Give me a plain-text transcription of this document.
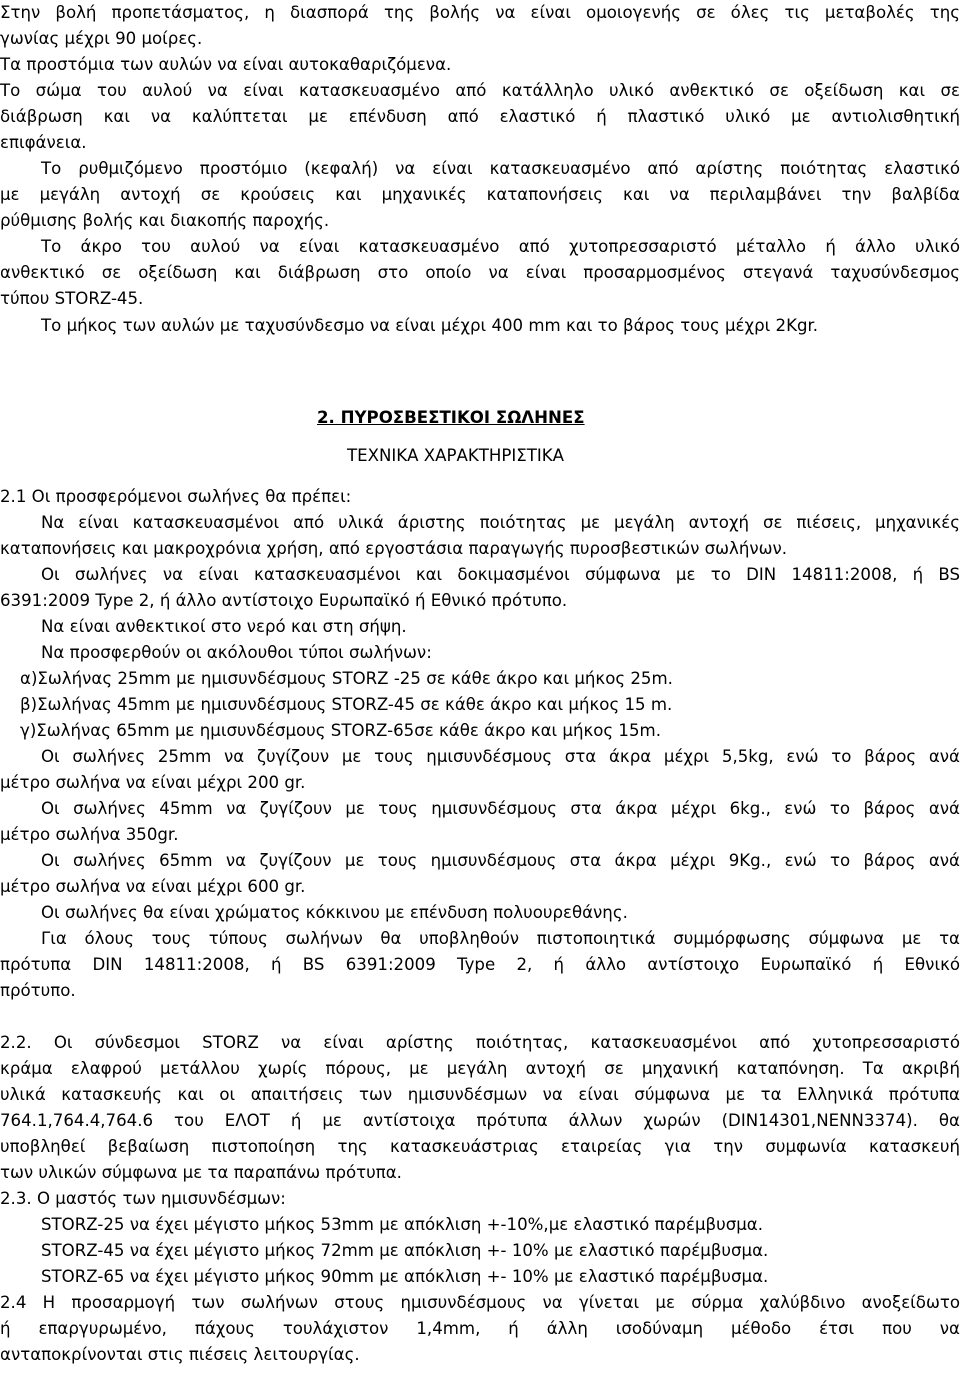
Στην βολή προπετάσματος, η διασπορά της βολής να είναι ομοιογενής σε όλες τις μεταβολές της

γωνίας μέχρι 90 μοίρες.

Τα προστόμια των αυλών να είναι αυτοκαθαριζόμενα.

Το σώμα του αυλού να είναι κατασκευασμένο από κατάλληλο υλικό ανθεκτικό σε οξείδωση και σε

διάβρωση και να καλύπτεται με επένδυση από ελαστικό ή πλαστικό υλικό με αντιολισθητική

επιφάνεια.

Το ρυθμιζόμενο προστόμιο (κεφαλή) να είναι κατασκευασμένο από αρίστης ποιότητας ελαστικό

με μεγάλη αντοχή σε κρούσεις και μηχανικές καταπονήσεις και να περιλαμβάνει την βαλβίδα

ρύθμισης βολής και διακοπής παροχής.

Το άκρο του αυλού να είναι κατασκευασμένο από χυτοπρεσσαριστό μέταλλο ή άλλο υλικό

ανθεκτικό σε οξείδωση και διάβρωση στο οποίο να είναι προσαρμοσμένος στεγανά ταχυσύνδεσμος

τύπου STORZ-45.

Το μήκος των αυλών με ταχυσύνδεσμο να είναι μέχρι 400 mm και το βάρος τους μέχρι 2Kgr.

2. ΠΥΡΟΣΒΕΣΤΙΚΟΙ ΣΩΛΗΝΕΣ

ΤΕΧΝΙΚΑ ΧΑΡΑΚΤΗΡΙΣΤΙΚΑ

2.1 Οι προσφερόμενοι σωλήνες θα πρέπει:

Να είναι κατασκευασμένοι από υλικά άριστης ποιότητας με μεγάλη αντοχή σε πιέσεις, μηχανικές

καταπονήσεις και μακροχρόνια χρήση, από εργοστάσια παραγωγής πυροσβεστικών σωλήνων.

Οι σωλήνες να είναι κατασκευασμένοι και δοκιμασμένοι σύμφωνα με το DIN 14811:2008, ή BS

6391:2009 Type 2, ή άλλο αντίστοιχο Ευρωπαϊκό ή Εθνικό πρότυπο.

Να είναι ανθεκτικοί στο νερό και στη σήψη.

Να προσφερθούν οι ακόλουθοι τύποι σωλήνων:

α)Σωλήνας 25mm με ημισυνδέσμους STORZ -25 σε κάθε άκρο και μήκος 25m.

β)Σωλήνας 45mm με ημισυνδέσμους STORZ-45 σε κάθε άκρο και μήκος 15 m.

γ)Σωλήνας 65mm με ημισυνδέσμους STORZ-65σε κάθε άκρο και μήκος 15m.

Οι σωλήνες 25mm να ζυγίζουν με τους ημισυνδέσμους στα άκρα μέχρι 5,5kg, ενώ το βάρος ανά

μέτρο σωλήνα να είναι μέχρι 200 gr.

Οι σωλήνες 45mm να ζυγίζουν με τους ημισυνδέσμους στα άκρα μέχρι 6kg., ενώ το βάρος ανά

μέτρο σωλήνα 350gr.

Οι σωλήνες 65mm να ζυγίζουν με τους ημισυνδέσμους στα άκρα μέχρι 9Kg., ενώ το βάρος ανά

μέτρο σωλήνα να είναι μέχρι 600 gr.

Οι σωλήνες θα είναι χρώματος κόκκινου με επένδυση πολυουρεθάνης.

Για όλους τους τύπους σωλήνων θα υποβληθούν πιστοποιητικά συμμόρφωσης σύμφωνα με τα

πρότυπα DIN 14811:2008, ή BS 6391:2009 Type 2, ή άλλο αντίστοιχο Ευρωπαϊκό ή Εθνικό

πρότυπο.

2.2. Οι σύνδεσμοι STORZ να είναι αρίστης ποιότητας, κατασκευασμένοι από χυτοπρεσσαριστό

κράμα ελαφρού μετάλλου χωρίς πόρους, με μεγάλη αντοχή σε μηχανική καταπόνηση. Τα ακριβή

υλικά κατασκευής και οι απαιτήσεις των ημισυνδέσμων να είναι σύμφωνα με τα Ελληνικά πρότυπα

764.1,764.4,764.6 του ΕΛΟΤ ή με αντίστοιχα πρότυπα άλλων χωρών (DIN14301,NENN3374). θα

υποβληθεί βεβαίωση πιστοποίηση της κατασκευάστριας εταιρείας για την συμφωνία κατασκευή

των υλικών σύμφωνα με τα παραπάνω πρότυπα.

2.3. Ο μαστός των ημισυνδέσμων:

STORZ-25 να έχει μέγιστο μήκος 53mm με απόκλιση +-10%,με ελαστικό παρέμβυσμα.

STORZ-45 να έχει μέγιστο μήκος 72mm με απόκλιση +- 10% με ελαστικό παρέμβυσμα.

STORZ-65 να έχει μέγιστο μήκος 90mm με απόκλιση +- 10% με ελαστικό παρέμβυσμα.

2.4 Η προσαρμογή των σωλήνων στους ημισυνδέσμους να γίνεται με σύρμα χαλύβδινο ανοξείδωτο

ή επαργυρωμένο, πάχους τουλάχιστον 1,4mm, ή άλλη ισοδύναμη μέθοδο έτσι που να

ανταποκρίνονται στις πιέσεις λειτουργίας.
